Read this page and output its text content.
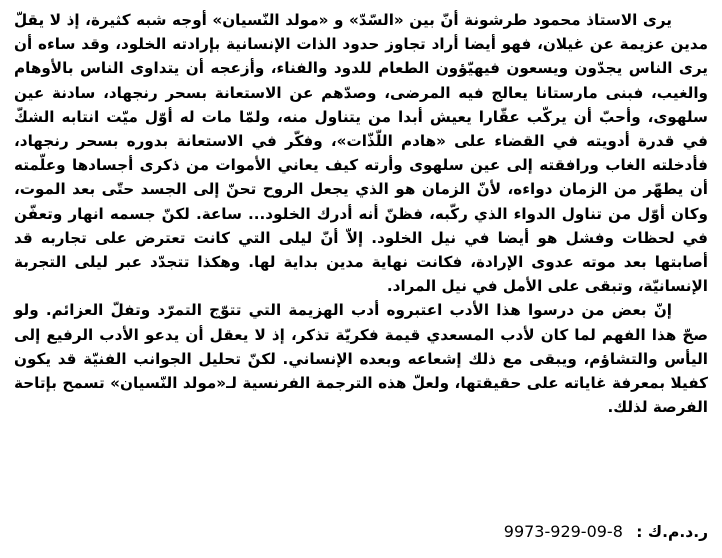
يرى الاستاذ محمود طرشونة أنّ بين «السّدّ» و «مولد النّسيان» أوجه شبه كثيرة، إذ لا يقلّ مدين عزيمة عن غيلان، فهو أيضا أراد تجاوز حدود الذات الإنسانية بإرادته الخلود، وقد ساءه أن يرى الناس يجدّون ويسعون فيهيّؤون الطعام للدود والفناء، وأزعجه أن يتداوى الناس بالأوهام والغيب، فبنى مارستانا يعالج فيه المرضى، وصدّهم عن الاستعانة بسحر رنجهاد، سادنة عين سلهوى، وأحبّ أن يركّب عقّارا يعيش أبدا من يتناول منه، ولمّا مات له أوّل ميّت انتابه الشكّ في قدرة أدويته في القضاء على «هادم اللّذّات»، وفكّر في الاستعانة بدوره بسحر رنجهاد، فأدخلته الغاب ورافقته إلى عين سلهوى وأرته كيف يعاني الأموات من ذكرى أجسادها وعلّمته أن يطهّر من الزمان دواءه، لأنّ الزمان هو الذي يجعل الروح تحنّ إلى الجسد حتّى بعد الموت، وكان أوّل من تناول الدواء الذي ركّبه، فظنّ أنه أدرك الخلود... ساعة. لكنّ جسمه انهار وتعفّن في لحظات وفشل هو أيضا في نيل الخلود. إلاّ أنّ ليلى التي كانت تعترض على تجاربه قد أصابتها بعد موته عدوى الإرادة، فكانت نهاية مدين بداية لها. وهكذا تتجدّد عبر ليلى التجربة الإنسانيّة، وتبقى على الأمل في نيل المراد.

إنّ بعض من درسوا هذا الأدب اعتبروه أدب الهزيمة التي تتوّج التمرّد وتفلّ العزائم. ولو صحّ هذا الفهم لما كان لأدب المسعدي قيمة فكريّة تذكر، إذ لا يعقل أن يدعو الأدب الرفيع إلى اليأس والتشاؤم، ويبقى مع ذلك إشعاعه وبعده الإنساني. لكنّ تحليل الجوانب الفنيّة قد يكون كفيلا بمعرفة غاياته على حقيقتها، ولعلّ هذه الترجمة الفرنسية لـ«مولد النّسيان» تسمح بإتاحة الفرصة لذلك.

ر.د.م.ك : 9973-929-09-8
